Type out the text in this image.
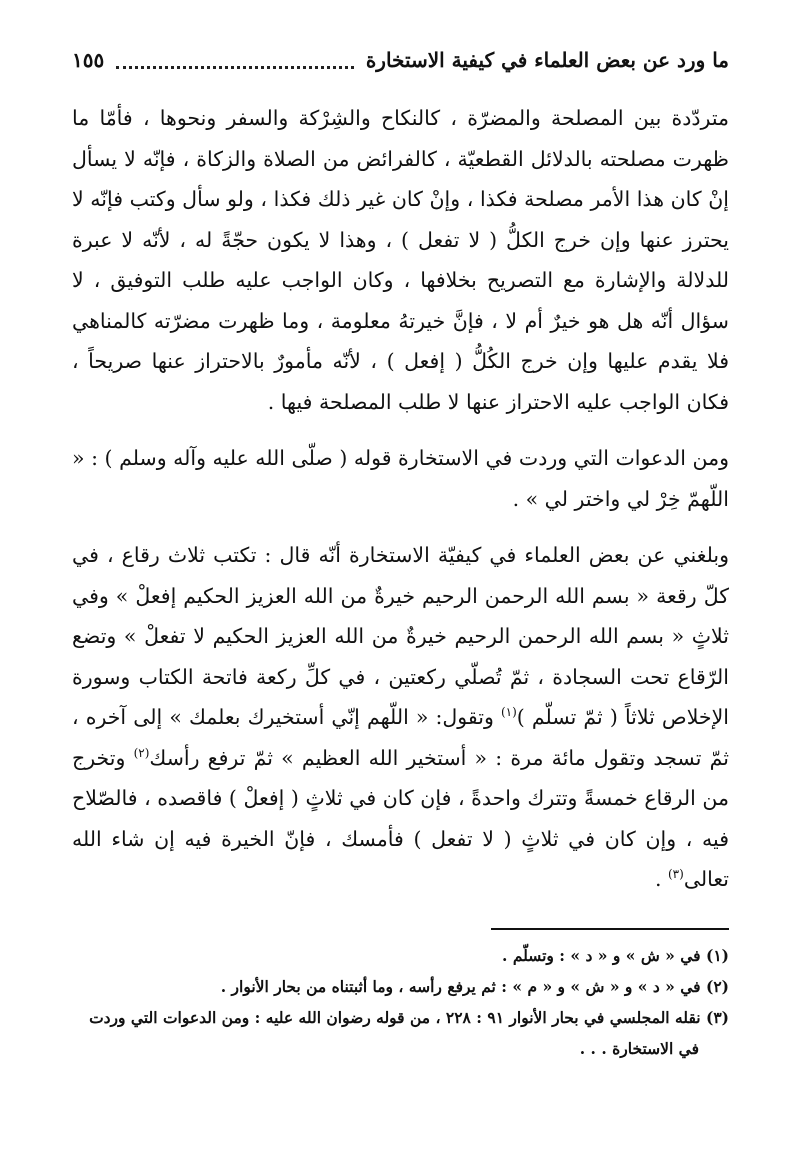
ما ورد عن بعض العلماء في كيفية الاستخارة
١٥٥

متردّدة بين المصلحة والمضرّة ، كالنكاح والشِرْكة والسفر ونحوها ، فأمّا ما ظهرت مصلحته بالدلائل القطعيّة ، كالفرائض من الصلاة والزكاة ، فإنّه لا يسأل إنْ كان هذا الأمر مصلحة فكذا ، وإنْ كان غير ذلك فكذا ، ولو سأل وكتب فإنّه لا يحترز عنها وإن خرج الكلُّ ( لا تفعل ) ، وهذا لا يكون حجّةً له ، لأنّه لا عبرة للدلالة والإشارة مع التصريح بخلافها ، وكان الواجب عليه طلب التوفيق ، لا سؤال أنّه هل هو خيرٌ أم لا ، فإنَّ خيرتهُ معلومة ، وما ظهرت مضرّته كالمناهي فلا يقدم عليها وإن خرج الكُلُّ ( إفعل ) ، لأنّه مأمورٌ بالاحتراز عنها صريحاً ، فكان الواجب عليه الاحتراز عنها لا طلب المصلحة فيها .

ومن الدعوات التي وردت في الاستخارة قوله ( صلّى الله عليه وآله وسلم ) : « اللّهمّ خِرْ لي واختر لي » .

وبلغني عن بعض العلماء في كيفيّة الاستخارة أنّه قال : تكتب ثلاث رقاع ، في كلّ رقعة « بسم الله الرحمن الرحيم خيرةٌ من الله العزيز الحكيم إفعلْ » وفي ثلاثٍ « بسم الله الرحمن الرحيم خيرةٌ من الله العزيز الحكيم لا تفعلْ » وتضع الرّقاع تحت السجادة ، ثمّ تُصلّي ركعتين ، في كلِّ ركعة فاتحة الكتاب وسورة الإخلاص ثلاثاً ( ثمّ تسلّم )$^{(١)}$ وتقول: « اللّهم إنّي أستخيرك بعلمك » إلى آخره ، ثمّ تسجد وتقول مائة مرة : « أستخير الله العظيم » ثمّ ترفع رأسك$^{(٢)}$ وتخرج من الرقاع خمسةً وتترك واحدةً ، فإن كان في ثلاثٍ ( إفعلْ ) فاقصده ، فالصّلاح فيه ، وإن كان في ثلاثٍ ( لا تفعل ) فأمسك ، فإنّ الخيرة فيه إن شاء الله تعالى$^{(٣)}$ .

(١) في « ش » و « د » : وتسلّم .

(٢) في « د » و « ش » و « م » : ثم يرفع رأسه ، وما أثبتناه من بحار الأنوار .

(٣) نقله المجلسي في بحار الأنوار ٩١ : ٢٢٨ ، من قوله رضوان الله عليه : ومن الدعوات التي وردت

في الاستخارة . . .
